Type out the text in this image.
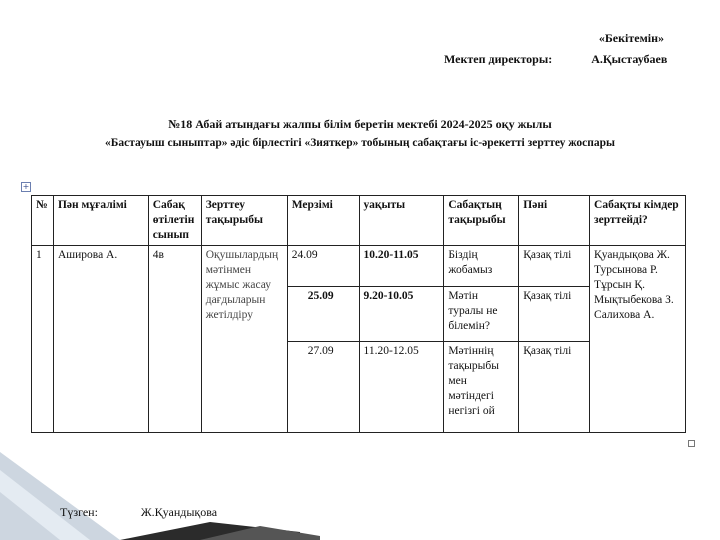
«Бекітемін»
Мектеп директоры:	А.Қыстаубаев
№18 Абай атындағы жалпы білім беретін мектебі 2024-2025 оқу жылы
«Бастауыш сыныптар» әдіс бірлестігі «Зияткер» тобының сабақтағы іс-әрекетті зерттеу жоспары
+
№	Пән мұғалімі	Сабақ өтілетін сынып	Зерттеу тақырыбы	Мерзімі	уақыты	Сабақтың тақырыбы	Пәні	Сабақты кімдер зерттейді?
1	Аширова А.	4в	Оқушылардың мәтінмен жұмыс жасау дағдыларын жетілдіру	24.09	10.20-11.05	Біздің жобамыз	Қазақ тілі	Қуандықова Ж. Турсынова Р. Тұрсын Қ. Мықтыбекова З. Салихова А.
				25.09	9.20-10.05	Мәтін туралы не білемін?	Қазақ тілі	
				27.09	11.20-12.05	Мәтіннің тақырыбы мен мәтіндегі негізгі ой	Қазақ тілі	
Түзген:	Ж.Қуандықова
